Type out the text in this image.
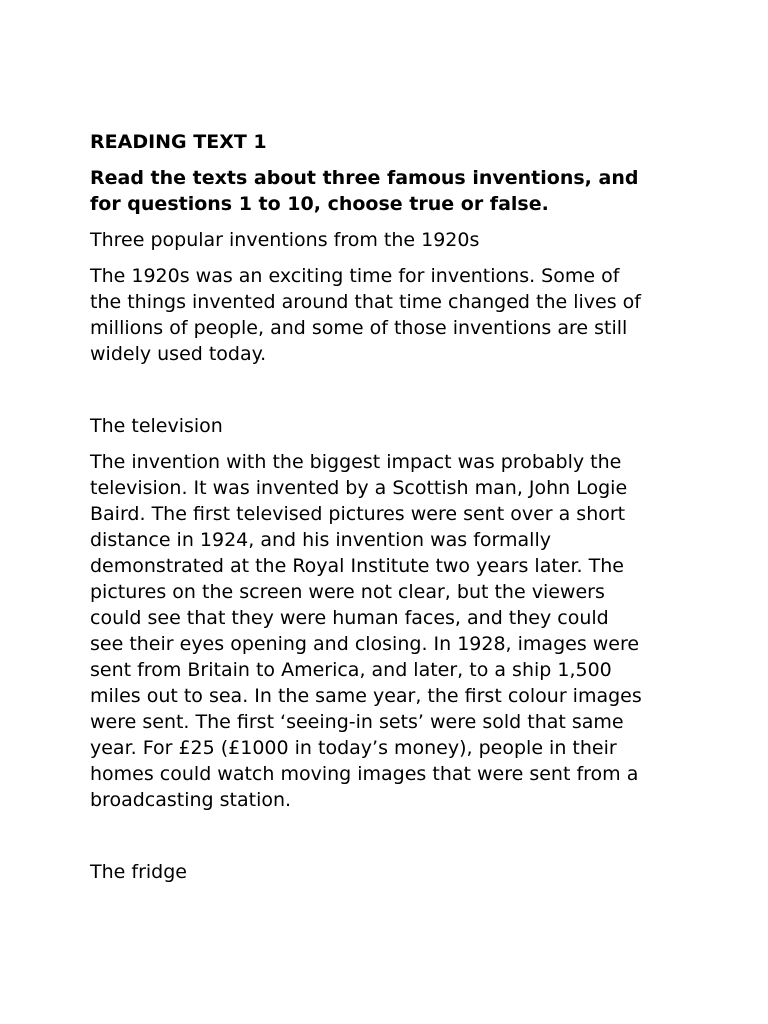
READING TEXT 1
Read the texts about three famous inventions, and
for questions 1 to 10, choose true or false.
Three popular inventions from the 1920s
The 1920s was an exciting time for inventions. Some of
the things invented around that time changed the lives of
millions of people, and some of those inventions are still
widely used today.
The television
The invention with the biggest impact was probably the
television. It was invented by a Scottish man, John Logie
Baird. The first televised pictures were sent over a short
distance in 1924, and his invention was formally
demonstrated at the Royal Institute two years later. The
pictures on the screen were not clear, but the viewers
could see that they were human faces, and they could
see their eyes opening and closing. In 1928, images were
sent from Britain to America, and later, to a ship 1,500
miles out to sea. In the same year, the first colour images
were sent. The first ‘seeing-in sets’ were sold that same
year. For £25 (£1000 in today’s money), people in their
homes could watch moving images that were sent from a
broadcasting station.
The fridge
